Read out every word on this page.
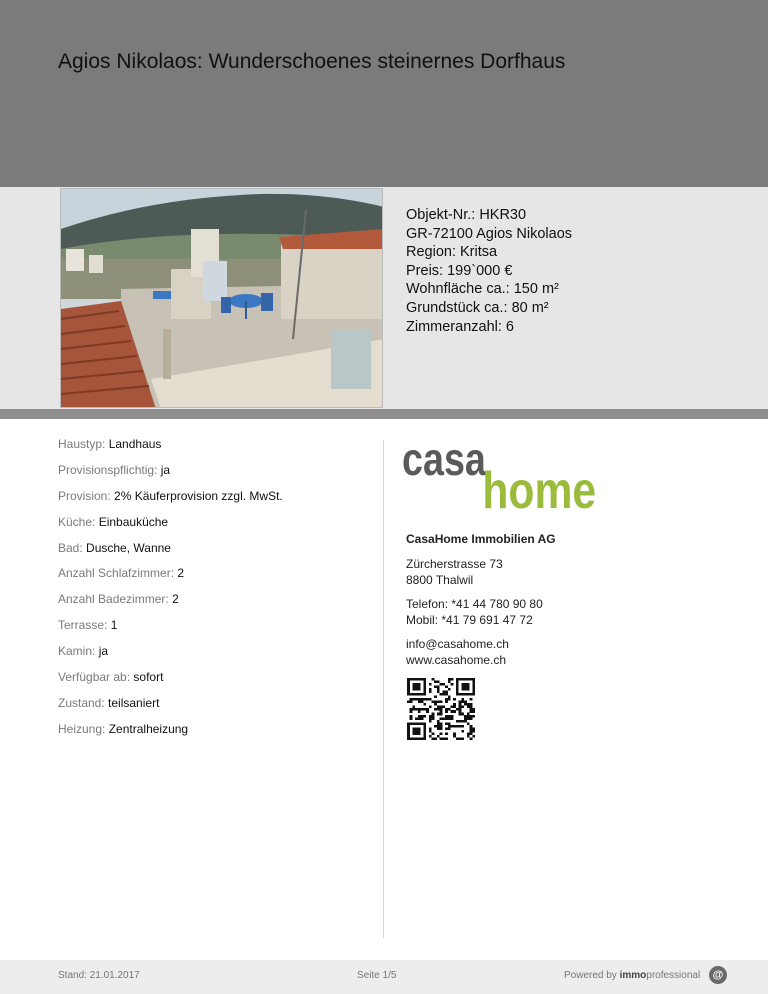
Agios Nikolaos: Wunderschoenes steinernes Dorfhaus
Objekt-Nr.: HKR30
GR-72100 Agios Nikolaos
Region: Kritsa
Preis: 199`000 €
Wohnfläche ca.: 150 m²
Grundstück ca.: 80 m²
Zimmeranzahl: 6
Haustyp: Landhaus
Provisionspflichtig: ja
Provision: 2% Käuferprovision zzgl. MwSt.
Küche: Einbauküche
Bad: Dusche, Wanne
Anzahl Schlafzimmer: 2
Anzahl Badezimmer: 2
Terrasse: 1
Kamin: ja
Verfügbar ab: sofort
Zustand: teilsaniert
Heizung: Zentralheizung
casa
home
CasaHome Immobilien AG
Zürcherstrasse 73
8800 Thalwil
Telefon: *41 44 780 90 80
Mobil: *41 79 691 47 72
info@casahome.ch
www.casahome.ch
Stand: 21.01.2017	Seite 1/5	Powered by immoprofessional	@
